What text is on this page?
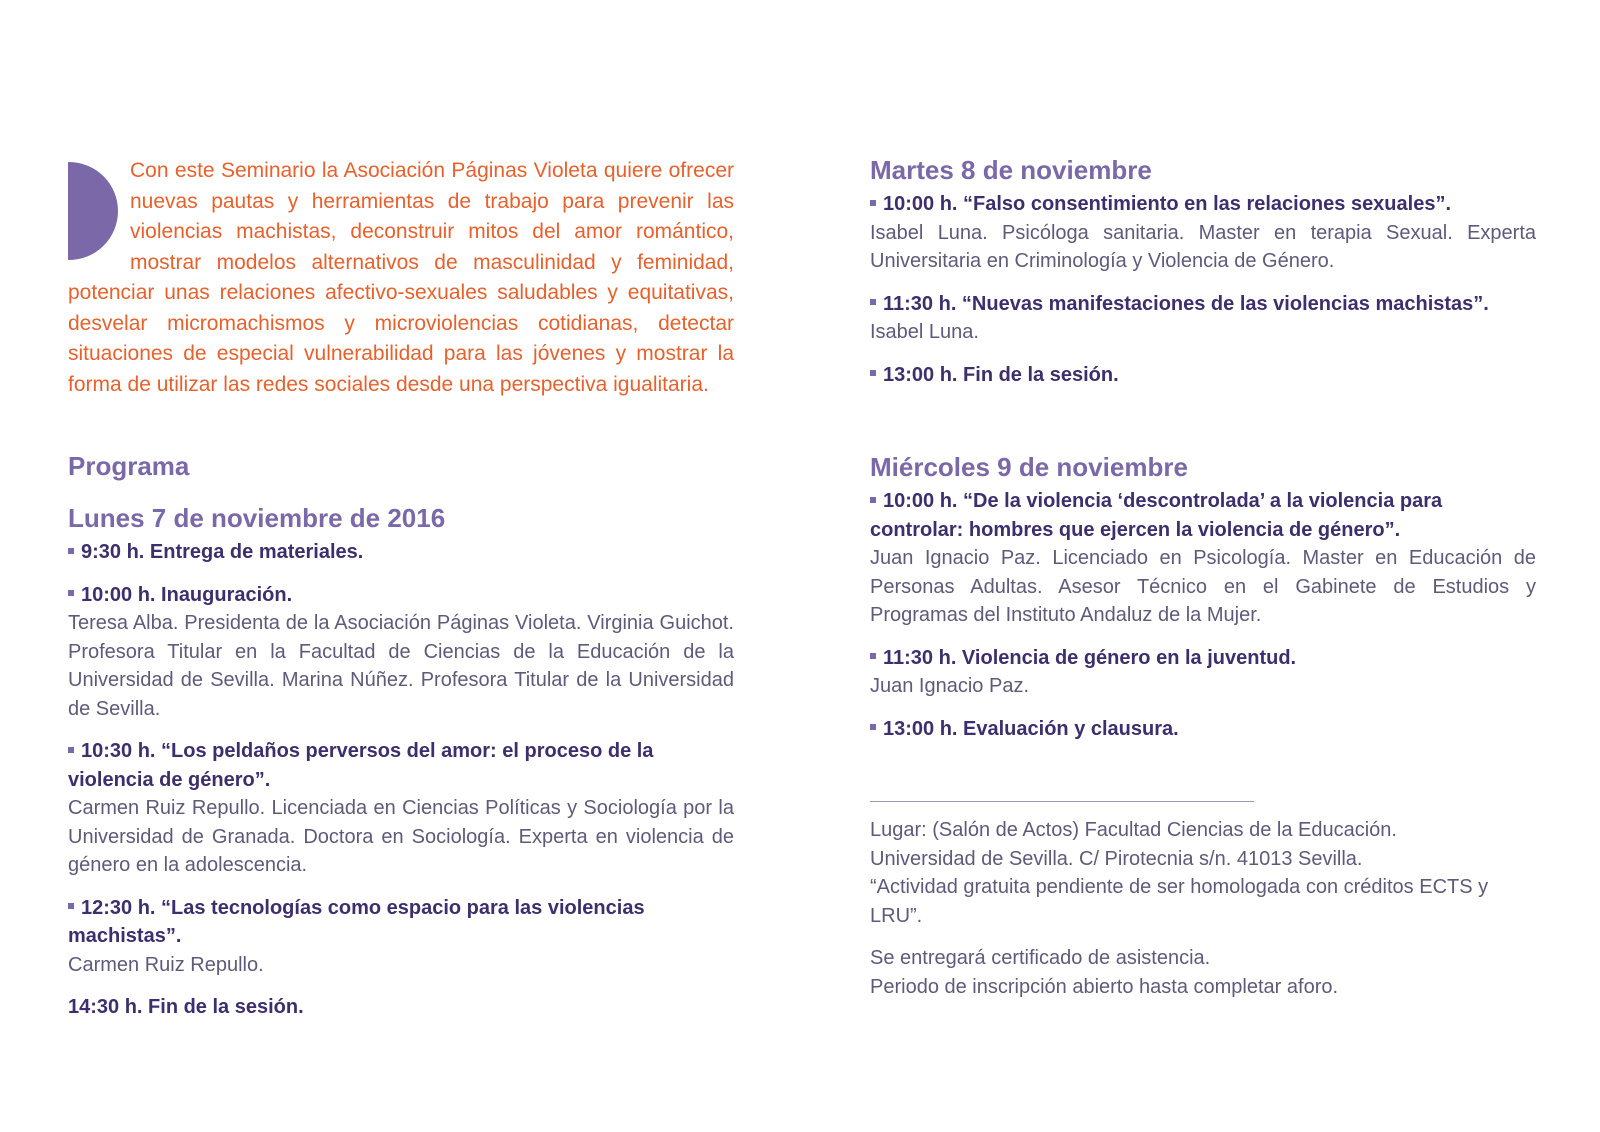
Con este Seminario la Asociación Páginas Violeta quiere ofrecer nuevas pautas y herramientas de trabajo para prevenir las violencias machistas, deconstruir mitos del amor romántico, mostrar modelos alternativos de masculinidad y feminidad, potenciar unas relaciones afectivo-sexuales saludables y equitativas, desvelar micromachismos y microviolencias cotidianas, detectar situaciones de especial vulnerabilidad para las jóvenes y mostrar la forma de utilizar las redes sociales desde una perspectiva igualitaria.
Programa
Lunes 7 de noviembre de 2016
9:30 h. Entrega de materiales.
10:00 h. Inauguración.
Teresa Alba. Presidenta de la Asociación Páginas Violeta. Virginia Guichot. Profesora Titular en la Facultad de Ciencias de la Educación de la Universidad de Sevilla. Marina Núñez. Profesora Titular de la Universidad de Sevilla.
10:30 h. “Los peldaños perversos del amor: el proceso de la violencia de género”.
Carmen Ruiz Repullo. Licenciada en Ciencias Políticas y Sociología por la Universidad de Granada. Doctora en Sociología. Experta en violencia de género en la adolescencia.
12:30 h. “Las tecnologías como espacio para las violencias machistas”.
Carmen Ruiz Repullo.
14:30 h. Fin de la sesión.
Martes 8 de noviembre
10:00 h. “Falso consentimiento en las relaciones sexuales”.
Isabel Luna. Psicóloga sanitaria. Master en terapia Sexual. Experta Universitaria en Criminología y Violencia de Género.
11:30 h. “Nuevas manifestaciones de las violencias machistas”.
Isabel Luna.
13:00 h. Fin de la sesión.
Miércoles 9 de noviembre
10:00 h. “De la violencia ‘descontrolada’ a la violencia para controlar: hombres que ejercen la violencia de género”.
Juan Ignacio Paz. Licenciado en Psicología. Master en Educación de Personas Adultas. Asesor Técnico en el Gabinete de Estudios y Programas del Instituto Andaluz de la Mujer.
11:30 h. Violencia de género en la juventud.
Juan Ignacio Paz.
13:00 h. Evaluación y clausura.

Lugar: (Salón de Actos) Facultad Ciencias de la Educación.

Universidad de Sevilla. C/ Pirotecnia s/n. 41013 Sevilla.

“Actividad gratuita pendiente de ser homologada con créditos ECTS y LRU”.

Se entregará certificado de asistencia.

Periodo de inscripción abierto hasta completar aforo.
